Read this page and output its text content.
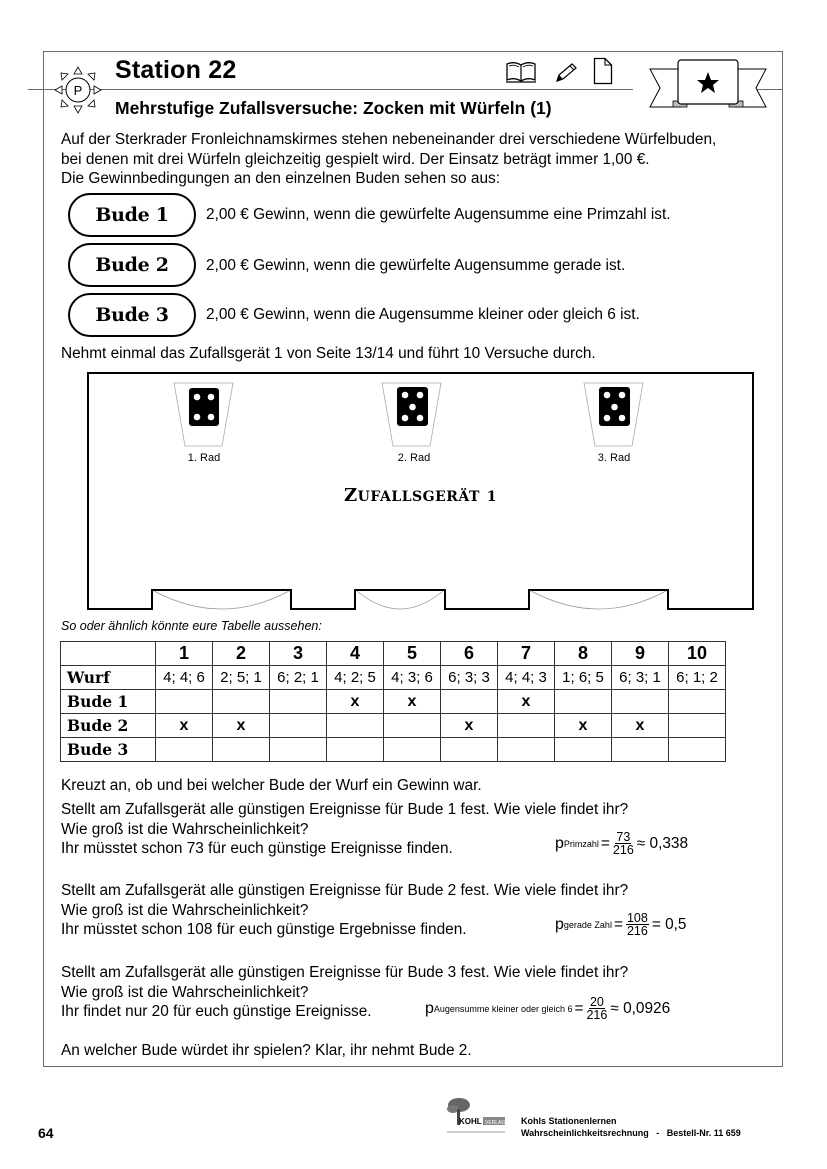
P
Station 22
Mehrstufige Zufallsversuche: Zocken mit Würfeln (1)
Auf der Sterkrader Fronleichnamskirmes stehen nebeneinander drei verschiedene Würfelbuden,
bei denen mit drei Würfeln gleichzeitig gespielt wird. Der Einsatz beträgt immer 1,00 €.
Die Gewinnbedingungen an den einzelnen Buden sehen so aus:
Bude 1	2,00 € Gewinn, wenn die gewürfelte Augensumme eine Primzahl ist.
Bude 2	2,00 € Gewinn, wenn die gewürfelte Augensumme gerade ist.
Bude 3	2,00 € Gewinn, wenn die Augensumme kleiner oder gleich 6 ist.
Nehmt einmal das Zufallsgerät 1 von Seite 13/14 und führt 10 Versuche durch.
1. Rad	2. Rad	3. Rad
ZUFALLSGERÄT 1
So oder ähnlich könnte eure Tabelle aussehen:
	1	2	3	4	5	6	7	8	9	10
Wurf	4; 4; 6	2; 5; 1	6; 2; 1	4; 2; 5	4; 3; 6	6; 3; 3	4; 4; 3	1; 6; 5	6; 3; 1	6; 1; 2
Bude 1				x	x		x			
Bude 2	x	x				x		x	x	
Bude 3										
Kreuzt an, ob und bei welcher Bude der Wurf ein Gewinn war.
Stellt am Zufallsgerät alle günstigen Ereignisse für Bude 1 fest. Wie viele findet ihr?
Wie groß ist die Wahrscheinlichkeit?
Ihr müsstet schon 73 für euch günstige Ereignisse finden.	p Primzahl = $\frac{73}{216}$ ≈
0,338
Stellt am Zufallsgerät alle günstigen Ereignisse für Bude 2 fest. Wie viele findet ihr?
Wie groß ist die Wahrscheinlichkeit?
Ihr müsstet schon 108 für euch günstige Ergebnisse finden.	p gerade Zahl = $\frac{108}{216}$ =
0,5
Stellt am Zufallsgerät alle günstigen Ereignisse für Bude 3 fest. Wie viele findet ihr?
Wie groß ist die Wahrscheinlichkeit?
Ihr findet nur 20 für euch günstige Ereignisse.	p Augensumme kleiner oder gleich $6 = \frac{20}{216}$ ≈
0,0926
An welcher Bude würdet ihr spielen? Klar, ihr nehmt Bude 2.
64
KOHL VERLAG Kohls Stationenlernen
Wahrscheinlichkeitsrechnung - Bestell-Nr. 11 659
